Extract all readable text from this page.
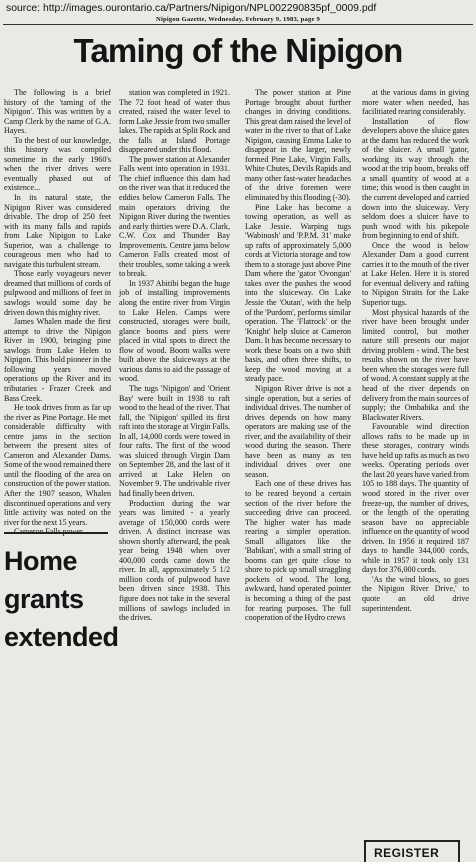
source: http://images.ourontario.ca/Partners/Nipigon/NPL002290835pf_0009.pdf
Nipigon Gazette, Wednesday, February 9, 1983, page 9
Taming of the Nipigon

The following is a brief history of the 'taming of the Nipigon'. This was written by a Camp Clerk by the name of G.A. Hayes.

To the best of our knowledge, this history was compiled sometime in the early 1960's when the river drives were eventually phased out of existence...

In its natural state, the Nipigon River was considered drivable. The drop of 250 feet with its many falls and rapids from Lake Nipigon to Lake Superior, was a challenge to courageous men who had to navigate this turbulent stream.

Those early voyageurs never dreamed that millions of cords of pulpwood and millions of feet in sawlogs would some day be driven down this mighty river.

James Whalen made the first attempt to drive the Nipigon River in 1900, bringing pine sawlogs from Lake Helen to Nipigon. This bold pioneer in the following years moved operations up the River and its tributaries - Frazer Creek and Bass Creek.

He took drives from as far up the river as Pine Portage. He met considerable difficulty with centre jams in the section between the present sites of Cameron and Alexander Dams. Some of the wood remained there until the flooding of the area on construction of the power station. After the 1907 season, Whalen discontinued operations and very little activity was noted on the river for the next 15 years.

station was completed in 1921. The 72 foot head of water thus created, raised the water level to form Lake Jessie from two smaller lakes. The rapids at Split Rock and the falls at Island Portage disappeared under this flood.

The power station at Alexander Falls went into operation in 1931. The chief influence this dam had on the river was that it reduced the eddies below Cameron Falls. The main operators driving the Nipigon River during the twenties and early thirties were D.A. Clark, C.W. Cox and Thunder Bay Improvements. Centre jams below Cameron Falls created most of their troubles, some taking a week to break.

In 1937 Abitibi began the huge job of installing improvements along the entire river from Virgin to Lake Helen. Camps were constructed, storages were built, glance booms and piers were placed in vital spots to direct the flow of wood. Boom walks were built above the sluiceways at the various dams to aid the passage of wood.

The tugs 'Nipigon' and 'Orient Bay' were built in 1938 to raft wood to the head of the river. That fall, the 'Nipigon' spilled its first raft into the storage at Virgin Falls. In all, 14,000 cords were towed in four rafts. The first of the wood was sluiced through Virgin Dam on September 28, and the last of it arrived at Lake Helen on November 9. The undrivable river had finally been driven.

Production during the war years was limited - a yearly average of 150,000 cords were driven. A distinct increase was shown shortly afterward, the peak year being 1948 when over 400,000 cords came down the river. In all, approximately 5 1/2 million cords of pulpwood have been driven since 1938. This figure does not take in the several millions of sawlogs included in the drives.

The power station at Pine Portage brought about further changes in driving conditions. This great dam raised the level of water in the river to that of Lake Nipigon, causing Emma Lake to disappear in the larger, newly formed Pine Lake, Virgin Falls, White Chutes, Devils Rapids and many other fast-water headaches of the drive foremen were eliminated by this flooding (-30).

Pine Lake has become a towing operation, as well as Lake Jessie. Warping tugs 'Wabinosh' and 'P.P.M. 31' make up rafts of approximately 5,000 cords at Victoria storage and tow them to a storage just above Pine Dam where the 'gator 'Ovongan' takes over the pushes the wood into the sluiceway. On Lake Jessie the 'Outan', with the help of the 'Purdom', performs similar operation. The 'Flatrock' or the 'Knight' help sluice at Cameron Dam. It has become necessary to work these boats on a two shift basis, and often three shifts, to keep the wood moving at a steady pace.

Nipigon River drive is not a single operation, but a series of individual drives. The number of drives depends on how many operators are making use of the river, and the availability of their wood during the season. There have been as many as ten individual drives over one season.

Each one of these drives has to be reared beyond a certain section of the river before the succeeding drive can proceed. The higher water has made rearing a simpler operation. Small alligators like the 'Babikan', with a small string of booms can get quite close to shore to pick up small straggling pockets of wood. The long, awkward, hand operated pointer is becoming a thing of the past for rearing purposes. The full cooperation of the Hydro crews

at the various dams in giving more water when needed, has facilitiated rearing considerably.

Installation of flow developers above the sluice gates at the dams has reduced the work of the sluicer. A small 'gator, working its way through the wood at the trip boom, breaks off a small quantity of wood at a time; this wood is then caught in the current developed and carried down into the sluiceway. Very seldom does a sluicer have to push wood with his pikepole from beginning to end of shift.

Once the wood is below Alexander Dam a good current carries it to the mouth of the river at Lake Helen. Here it is stored for eventual delivery and rafting to Nipigon Straits for the Lake Superior tugs.

Most physical hazards of the river have been brought under limited control, but mother nature still presents our major driving problem - wind. The best results shown on the river have been when the storages were full of wood. A constant supply at the head of the river depends on delivery from the main sources of supply; the Ombabika and the Blackwater Rivers.

Favourable wind direction allows rafts to be made up in these storages, contrary winds have held up rafts as much as two weeks. Operating periods over the last 20 years have varied from 105 to 188 days. The quantity of wood stored in the river over freeze-up, the number of drives, or the length of the operating season have no appreciable influence on the quantity of wood driven. In 1956 it required 187 days to handle 344,000 cords, while in 1957 it took only 131 days for 376,000 cords.

'As the wind blows, so goes the Nipigon River Drive,' to quote an old drive superintendent.

Home
grants
extended
REGISTER
